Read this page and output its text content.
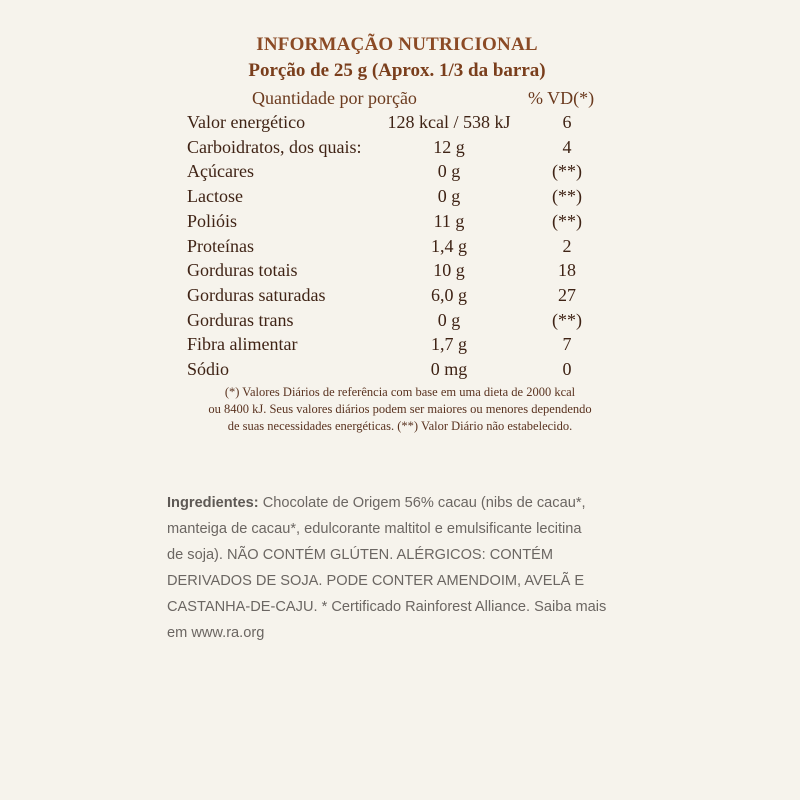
INFORMAÇÃO NUTRICIONAL
Porção de 25 g (Aprox. 1/3 da barra)
Quantidade por porção	% VD(*)
Valor energético	128 kcal / 538 kJ	6
Carboidratos, dos quais:	12 g	4
Açúcares	0 g	(**)
Lactose	0 g	(**)
Polióis	11 g	(**)
Proteínas	1,4 g	2
Gorduras totais	10 g	18
Gorduras saturadas	6,0 g	27
Gorduras trans	0 g	(**)
Fibra alimentar	1,7 g	7
Sódio	0 mg	0
(*) Valores Diários de referência com base em uma dieta de 2000 kcal
ou 8400 kJ. Seus valores diários podem ser maiores ou menores dependendo
de suas necessidades energéticas. (**) Valor Diário não estabelecido.
Ingredientes: Chocolate de Origem 56% cacau (nibs de cacau*,
manteiga de cacau*, edulcorante maltitol e emulsificante lecitina
de soja). NÃO CONTÉM GLÚTEN. ALÉRGICOS: CONTÉM
DERIVADOS DE SOJA. PODE CONTER AMENDOIM, AVELÃ E
CASTANHA-DE-CAJU. * Certificado Rainforest Alliance. Saiba mais
em www.ra.org
